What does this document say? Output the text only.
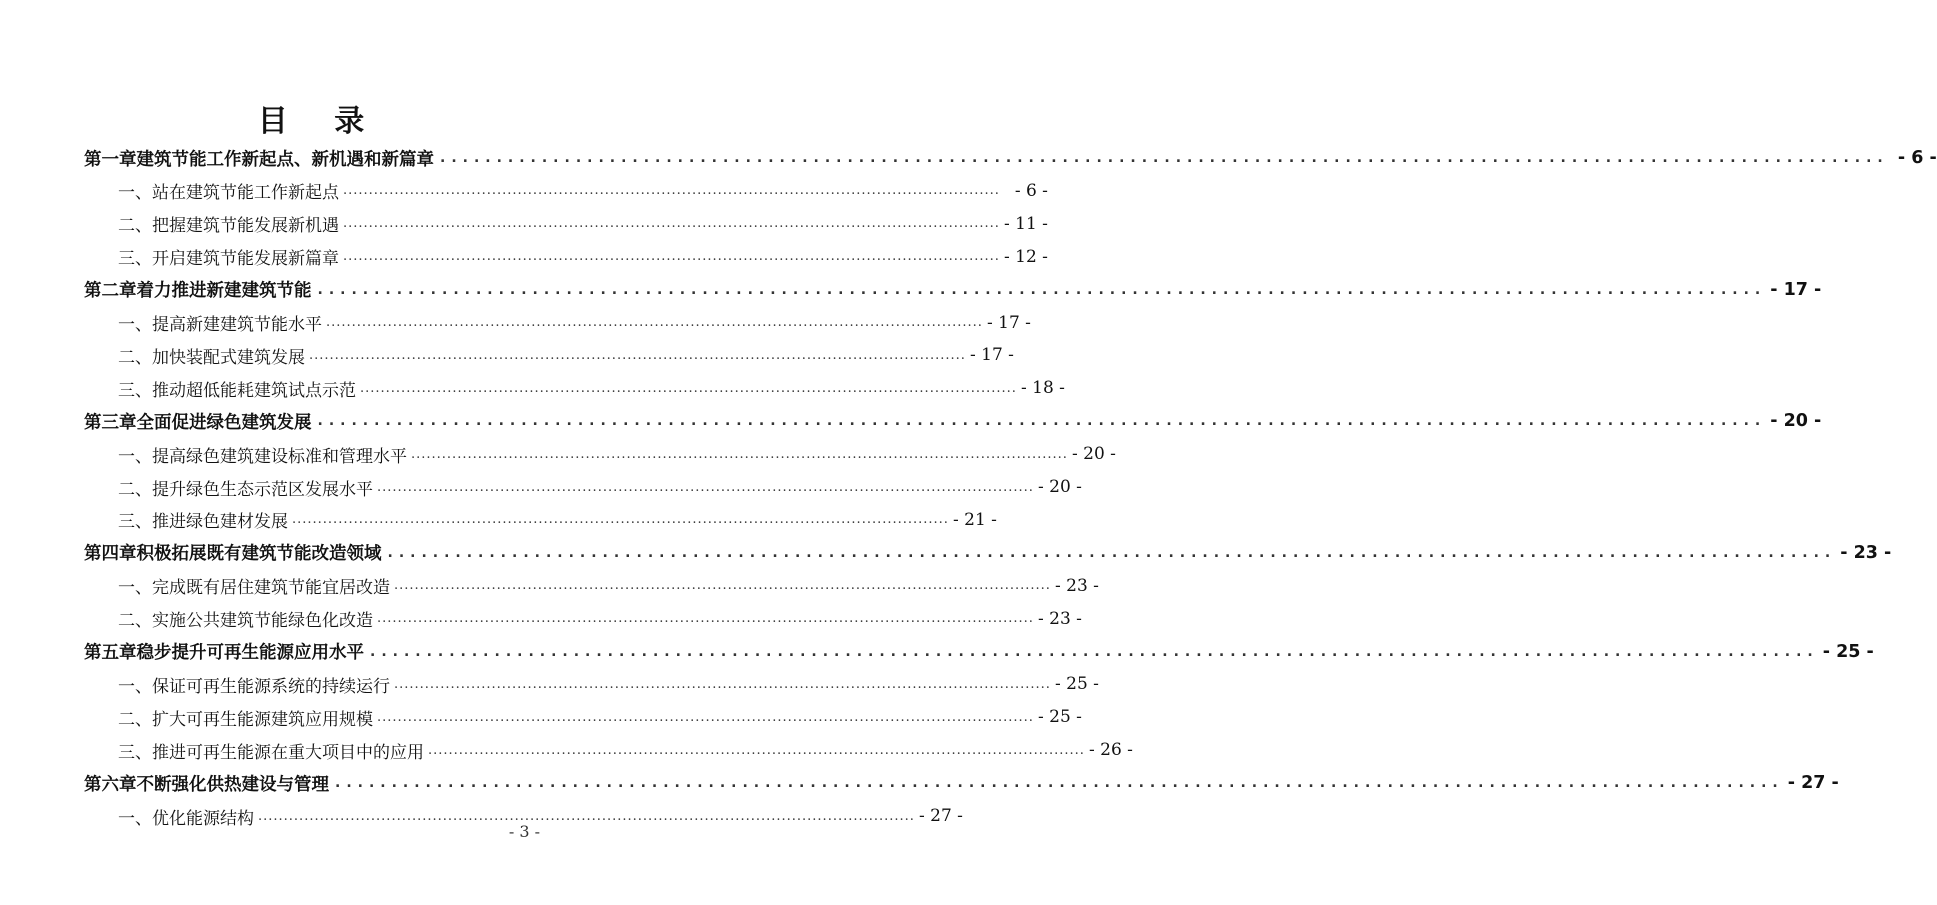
目 录
第一章 建筑节能工作新起点、新机遇和新篇章 ................................................................................................................................ - 6 -
一、 站在建筑节能工作新起点 ................................................................................................................................ - 6 -
二、 把握建筑节能发展新机遇 ................................................................................................................................ - 11 -
三、 开启建筑节能发展新篇章 ................................................................................................................................ - 12 -
第二章 着力推进新建建筑节能 ................................................................................................................................ - 17 -
一、 提高新建建筑节能水平 ................................................................................................................................ - 17 -
二、 加快装配式建筑发展 ................................................................................................................................ - 17 -
三、 推动超低能耗建筑试点示范 ................................................................................................................................ - 18 -
第三章 全面促进绿色建筑发展 ................................................................................................................................ - 20 -
一、 提高绿色建筑建设标准和管理水平 ................................................................................................................................ - 20 -
二、 提升绿色生态示范区发展水平 ................................................................................................................................ - 20 -
三、 推进绿色建材发展 ................................................................................................................................ - 21 -
第四章 积极拓展既有建筑节能改造领域 ................................................................................................................................ - 23 -
一、 完成既有居住建筑节能宜居改造 ................................................................................................................................ - 23 -
二、 实施公共建筑节能绿色化改造 ................................................................................................................................ - 23 -
第五章 稳步提升可再生能源应用水平 ................................................................................................................................ - 25 -
一、 保证可再生能源系统的持续运行 ................................................................................................................................ - 25 -
二、 扩大可再生能源建筑应用规模 ................................................................................................................................ - 25 -
三、 推进可再生能源在重大项目中的应用 ................................................................................................................................ - 26 -
第六章 不断强化供热建设与管理 ................................................................................................................................ - 27 -
一、 优化能源结构 ................................................................................................................................ - 27 -
- 3 -
